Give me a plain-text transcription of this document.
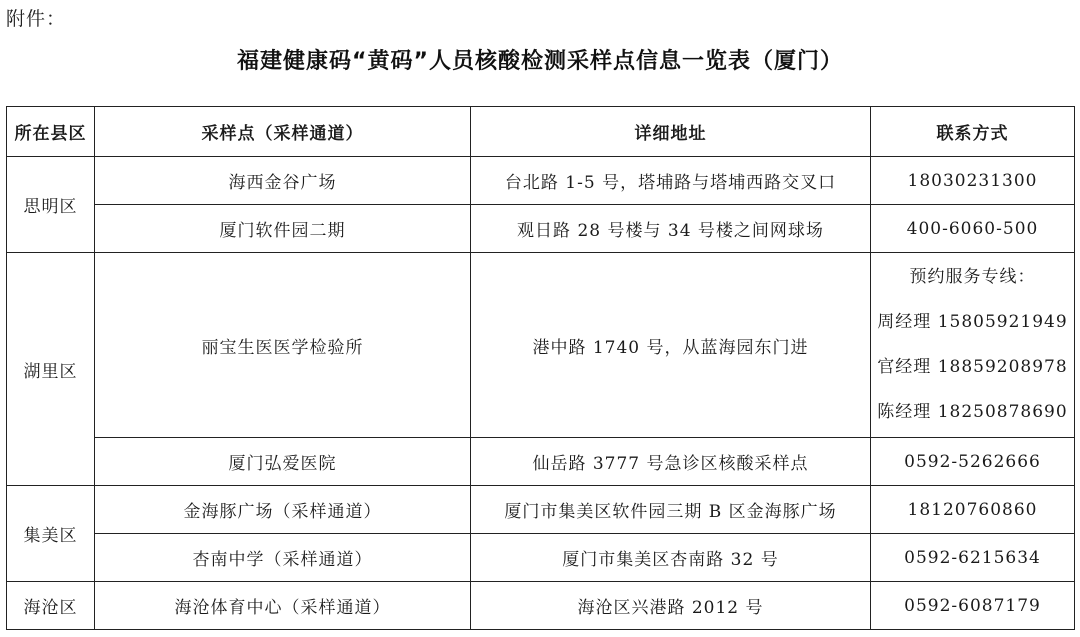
附件：
福建健康码“黄码”人员核酸检测采样点信息一览表（厦门）
所在县区	采样点（采样通道）	详细地址	联系方式
思明区	海西金谷广场	台北路 1-5 号，塔埔路与塔埔西路交叉口	18030231300
	厦门软件园二期	观日路 28 号楼与 34 号楼之间网球场	400-6060-500
湖里区	丽宝生医医学检验所	港中路 1740 号，从蓝海园东门进	预约服务专线：
周经理 15805921949
官经理 18859208978
陈经理 18250878690

	厦门弘爱医院	仙岳路 3777 号急诊区核酸采样点	0592-5262666
集美区	金海豚广场（采样通道）	厦门市集美区软件园三期 B 区金海豚广场	18120760860
	杏南中学（采样通道）	厦门市集美区杏南路 32 号	0592-6215634
海沧区	海沧体育中心（采样通道）	海沧区兴港路 2012 号	0592-6087179
